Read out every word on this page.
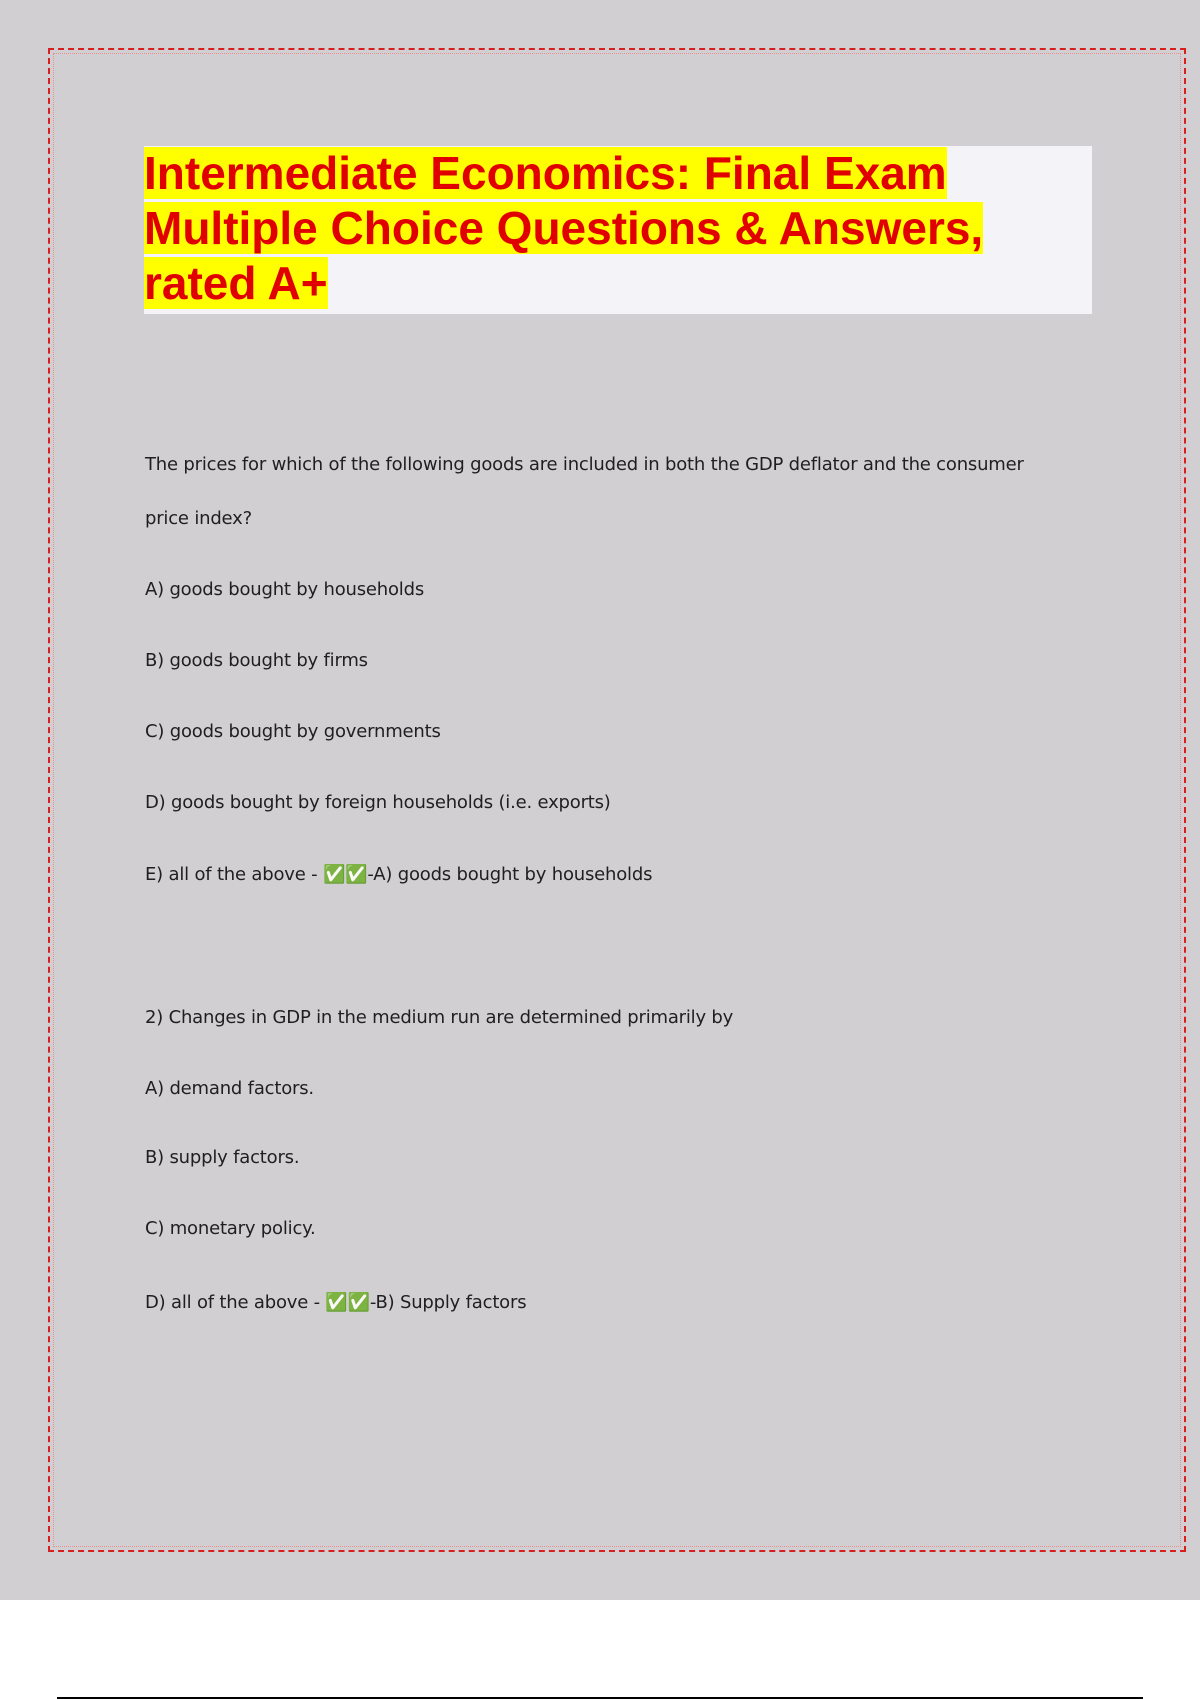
Intermediate Economics: Final Exam
Multiple Choice Questions & Answers,
rated A+
The prices for which of the following goods are included in both the GDP deflator and the consumer
price index?
A) goods bought by households
B) goods bought by firms
C) goods bought by governments
D) goods bought by foreign households (i.e. exports)
E) all of the above - ✅✅-A) goods bought by households
2) Changes in GDP in the medium run are determined primarily by
A) demand factors.
B) supply factors.
C) monetary policy.
D) all of the above - ✅✅-B) Supply factors
